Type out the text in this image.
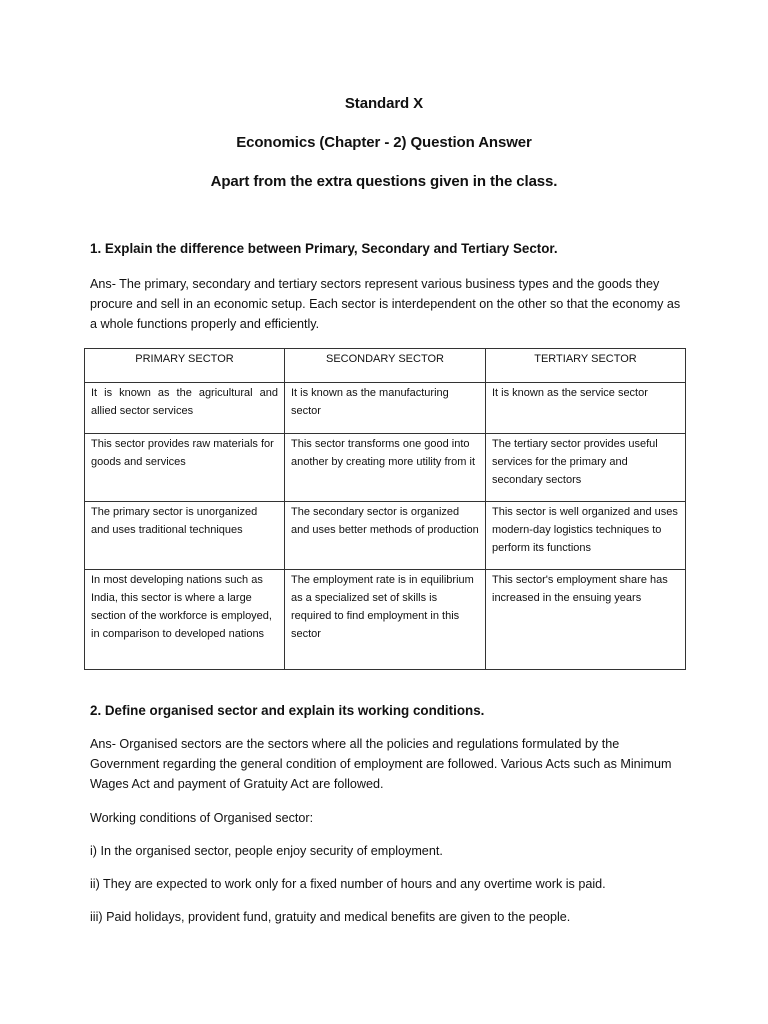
Standard X
Economics (Chapter - 2) Question Answer
Apart from the extra questions given in the class.
1. Explain the difference between Primary, Secondary and Tertiary Sector.
Ans- The primary, secondary and tertiary sectors represent various business types and the goods they procure and sell in an economic setup. Each sector is interdependent on the other so that the economy as a whole functions properly and efficiently.
PRIMARY SECTOR	SECONDARY SECTOR	TERTIARY SECTOR
It is known as the agricultural and allied sector services	It is known as the manufacturing sector	It is known as the service sector
This sector provides raw materials for goods and services	This sector transforms one good into another by creating more utility from it	The tertiary sector provides useful services for the primary and secondary sectors
The primary sector is unorganized and uses traditional techniques	The secondary sector is organized and uses better methods of production	This sector is well organized and uses modern-day logistics techniques to perform its functions
In most developing nations such as India, this sector is where a large section of the workforce is employed, in comparison to developed nations	The employment rate is in equilibrium as a specialized set of skills is required to find employment in this sector	This sector's employment share has increased in the ensuing years
2. Define organised sector and explain its working conditions.
Ans- Organised sectors are the sectors where all the policies and regulations formulated by the Government regarding the general condition of employment are followed. Various Acts such as Minimum Wages Act and payment of Gratuity Act are followed.
Working conditions of Organised sector:
i) In the organised sector, people enjoy security of employment.
ii) They are expected to work only for a fixed number of hours and any overtime work is paid.
iii) Paid holidays, provident fund, gratuity and medical benefits are given to the people.
